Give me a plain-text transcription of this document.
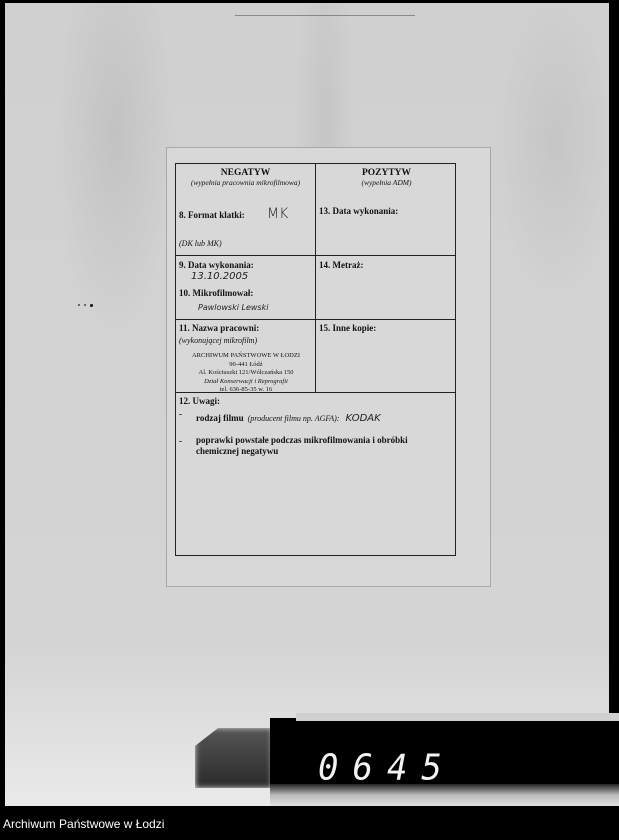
NEGATYW
(wypełnia pracownia mikrofilmowa)
8. Format klatki: MK
(DK lub MK)
POZYTYW
(wypełnia ADM)
13. Data wykonania:
9. Data wykonania:
13.10.2005
10. Mikrofilmował:
Pawlowski Lewski
14. Metraż:
11. Nazwa pracowni:
(wykonującej mikrofilm)
ARCHIWUM PAŃSTWOWE W ŁODZI
90-441 Łódź
Al. Kościuszki 121/Wólczańska 150
Dział Konserwacji i Reprografii
tel. 636-85-35 w. 16
15. Inne kopie:
12. Uwagi:
- rodzaj filmu (producent filmu np. AGFA): KODAK
- poprawki powstałe podczas mikrofilmowania i obróbki
chemicznej negatywu
0645
Archiwum Państwowe w Łodzi
